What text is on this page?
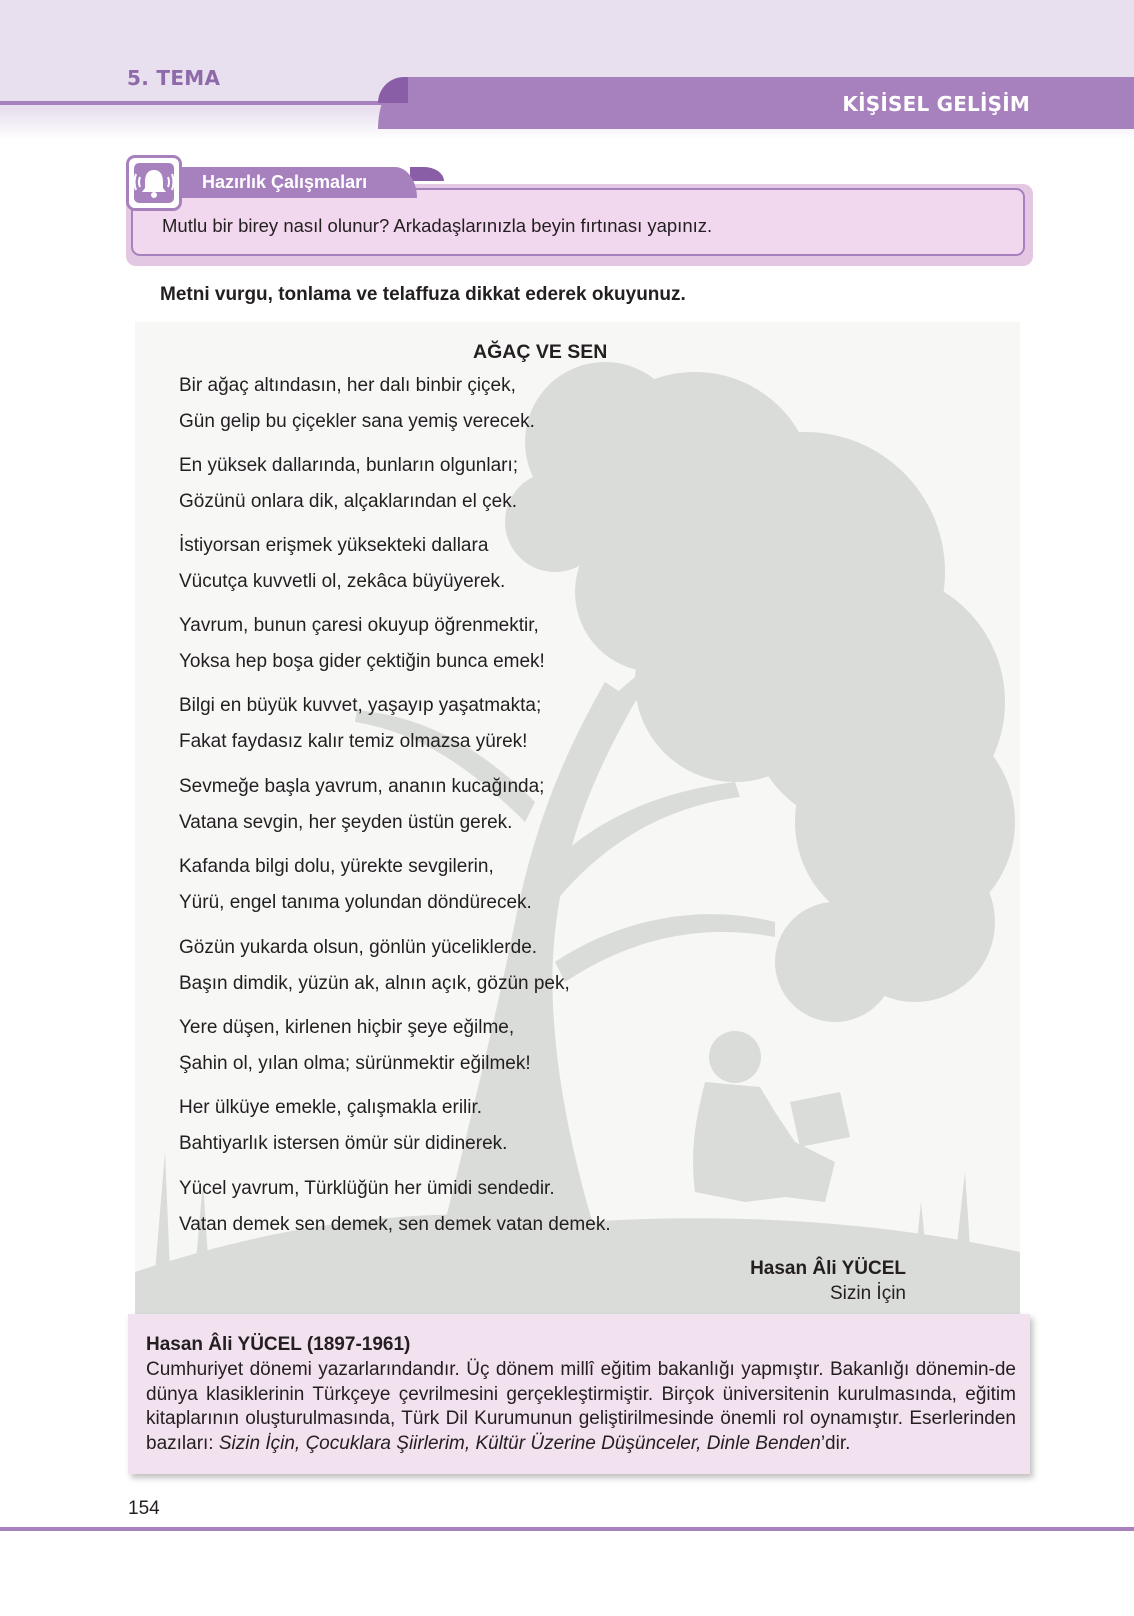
5. TEMA
KİŞİSEL GELİŞİM
Mutlu bir birey nasıl olunur? Arkadaşlarınızla beyin fırtınası yapınız.
Hazırlık Çalışmaları
Metni vurgu, tonlama ve telaffuza dikkat ederek okuyunuz.
AĞAÇ VE SEN
Bir ağaç altındasın, her dalı binbir çiçek,
Gün gelip bu çiçekler sana yemiş verecek.
En yüksek dallarında, bunların olgunları;
Gözünü onlara dik, alçaklarından el çek.
İstiyorsan erişmek yüksekteki dallara
Vücutça kuvvetli ol, zekâca büyüyerek.
Yavrum, bunun çaresi okuyup öğrenmektir,
Yoksa hep boşa gider çektiğin bunca emek!
Bilgi en büyük kuvvet, yaşayıp yaşatmakta;
Fakat faydasız kalır temiz olmazsa yürek!
Sevmeğe başla yavrum, ananın kucağında;
Vatana sevgin, her şeyden üstün gerek.
Kafanda bilgi dolu, yürekte sevgilerin,
Yürü, engel tanıma yolundan döndürecek.
Gözün yukarda olsun, gönlün yüceliklerde.
Başın dimdik, yüzün ak, alnın açık, gözün pek,
Yere düşen, kirlenen hiçbir şeye eğilme,
Şahin ol, yılan olma; sürünmektir eğilmek!
Her ülküye emekle, çalışmakla erilir.
Bahtiyarlık istersen ömür sür didinerek.
Yücel yavrum, Türklüğün her ümidi sendedir.
Vatan demek sen demek, sen demek vatan demek.
Hasan Âli YÜCEL
Sizin İçin
Hasan Âli YÜCEL (1897-1961)
Cumhuriyet dönemi yazarlarındandır. Üç dönem millî eğitim bakanlığı yapmıştır. Bakanlığı dönemin-de dünya klasiklerinin Türkçeye çevrilmesini gerçekleştirmiştir. Birçok üniversitenin kurulmasında, eğitim kitaplarının oluşturulmasında, Türk Dil Kurumunun geliştirilmesinde önemli rol oynamıştır. Eserlerinden bazıları: Sizin İçin, Çocuklara Şiirlerim, Kültür Üzerine Düşünceler, Dinle Benden’dir.
154
